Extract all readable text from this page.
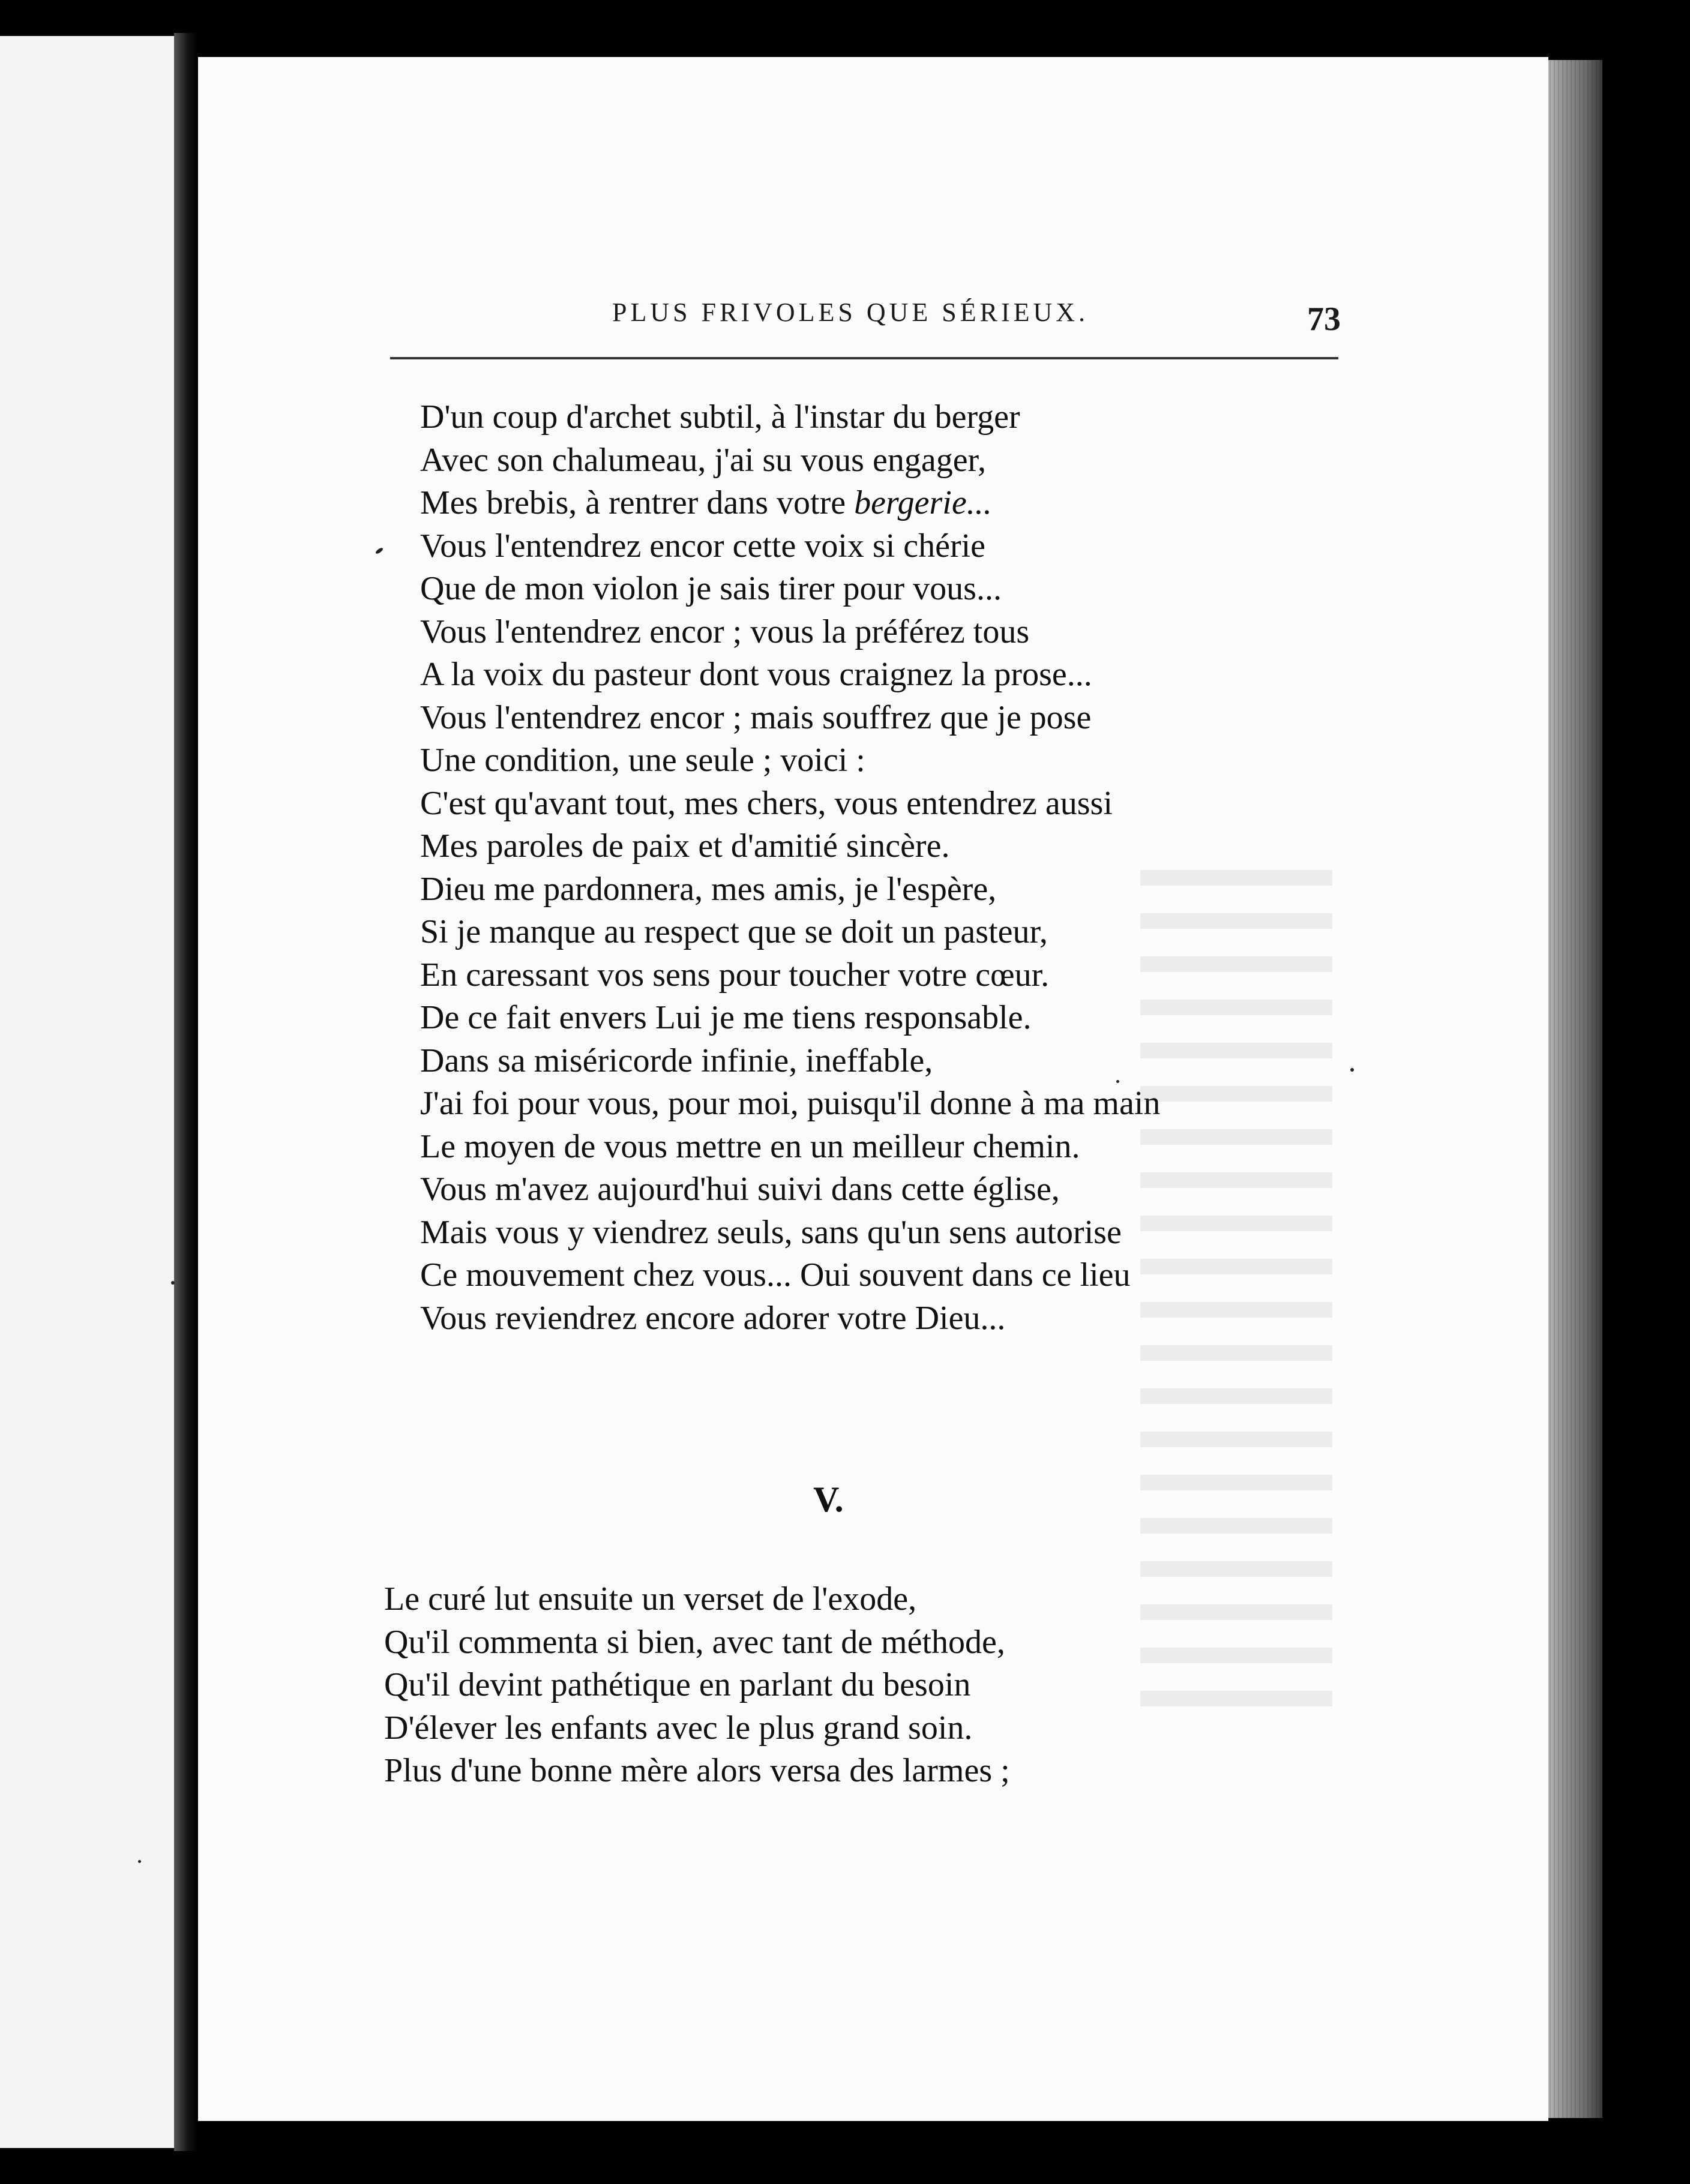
PLUS FRIVOLES QUE SÉRIEUX.	73
D'un coup d'archet subtil, à l'instar du berger
Avec son chalumeau, j'ai su vous engager,
Mes brebis, à rentrer dans votre bergerie...
Vous l'entendrez encor cette voix si chérie
Que de mon violon je sais tirer pour vous...
Vous l'entendrez encor ; vous la préférez tous
A la voix du pasteur dont vous craignez la prose...
Vous l'entendrez encor ; mais souffrez que je pose
Une condition, une seule ; voici :
C'est qu'avant tout, mes chers, vous entendrez aussi
Mes paroles de paix et d'amitié sincère.
Dieu me pardonnera, mes amis, je l'espère,
Si je manque au respect que se doit un pasteur,
En caressant vos sens pour toucher votre cœur.
De ce fait envers Lui je me tiens responsable.
Dans sa miséricorde infinie, ineffable,
J'ai foi pour vous, pour moi, puisqu'il donne à ma main
Le moyen de vous mettre en un meilleur chemin.
Vous m'avez aujourd'hui suivi dans cette église,
Mais vous y viendrez seuls, sans qu'un sens autorise
Ce mouvement chez vous... Oui souvent dans ce lieu
Vous reviendrez encore adorer votre Dieu...
V.
Le curé lut ensuite un verset de l'exode,
Qu'il commenta si bien, avec tant de méthode,
Qu'il devint pathétique en parlant du besoin
D'élever les enfants avec le plus grand soin.
Plus d'une bonne mère alors versa des larmes ;
